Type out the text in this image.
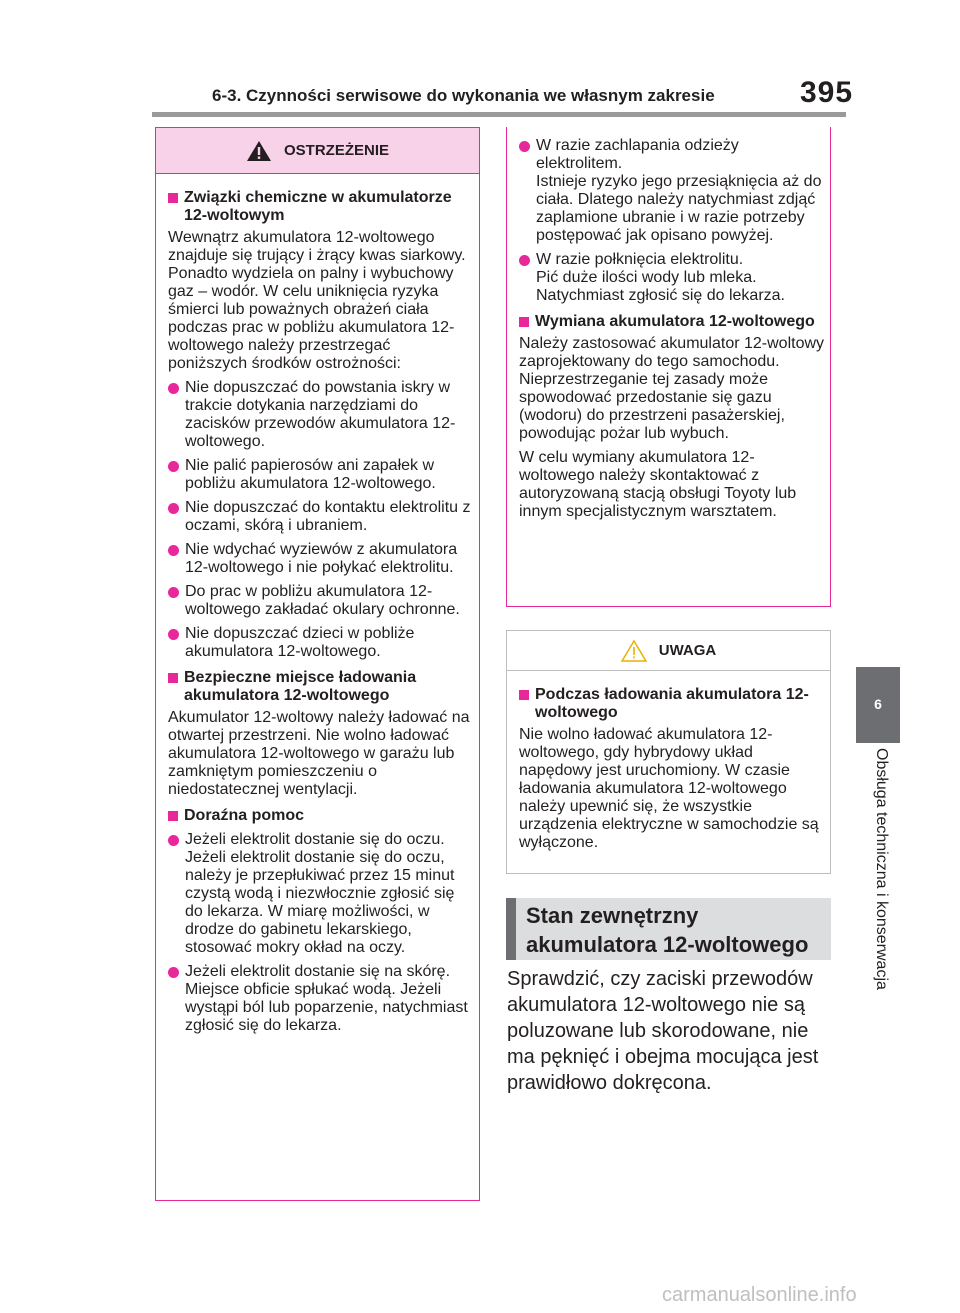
6-3. Czynności serwisowe do wykonania we własnym zakresie	395
6
Obsługa techniczna i konserwacja
OSTRZEŻENIE
Związki chemiczne w akumulatorze 12-woltowym
Wewnątrz akumulatora 12-woltowego znajduje się trujący i żrący kwas siarkowy. Ponadto wydziela on palny i wybuchowy gaz – wodór. W celu uniknięcia ryzyka śmierci lub poważnych obrażeń ciała podczas prac w pobliżu akumulatora 12-woltowego należy przestrzegać poniższych środków ostrożności:
Nie dopuszczać do powstania iskry w trakcie dotykania narzędziami do zacisków przewodów akumulatora 12-woltowego.
Nie palić papierosów ani zapałek w pobliżu akumulatora 12-woltowego.
Nie dopuszczać do kontaktu elektrolitu z oczami, skórą i ubraniem.
Nie wdychać wyziewów z akumulatora 12-woltowego i nie połykać elektrolitu.
Do prac w pobliżu akumulatora 12-woltowego zakładać okulary ochronne.
Nie dopuszczać dzieci w pobliże akumulatora 12-woltowego.
Bezpieczne miejsce ładowania akumulatora 12-woltowego
Akumulator 12-woltowy należy ładować na otwartej przestrzeni. Nie wolno ładować akumulatora 12-woltowego w garażu lub zamkniętym pomieszczeniu o niedostatecznej wentylacji.
Doraźna pomoc
Jeżeli elektrolit dostanie się do oczu.
Jeżeli elektrolit dostanie się do oczu, należy je przepłukiwać przez 15 minut czystą wodą i niezwłocznie zgłosić się do lekarza. W miarę możliwości, w drodze do gabinetu lekarskiego, stosować mokry okład na oczy.
Jeżeli elektrolit dostanie się na skórę.
Miejsce obficie spłukać wodą. Jeżeli wystąpi ból lub poparzenie, natychmiast zgłosić się do lekarza.
W razie zachlapania odzieży elektrolitem.
Istnieje ryzyko jego przesiąknięcia aż do ciała. Dlatego należy natychmiast zdjąć zaplamione ubranie i w razie potrzeby postępować jak opisano powyżej.
W razie połknięcia elektrolitu.
Pić duże ilości wody lub mleka. Natychmiast zgłosić się do lekarza.
Wymiana akumulatora 12-woltowego
Należy zastosować akumulator 12-woltowy zaprojektowany do tego samochodu. Nieprzestrzeganie tej zasady może spowodować przedostanie się gazu (wodoru) do przestrzeni pasażerskiej, powodując pożar lub wybuch.
W celu wymiany akumulatora 12-woltowego należy skontaktować z autoryzowaną stacją obsługi Toyoty lub innym specjalistycznym warsztatem.
UWAGA
Podczas ładowania akumulatora 12-woltowego
Nie wolno ładować akumulatora 12-woltowego, gdy hybrydowy układ napędowy jest uruchomiony. W czasie ładowania akumulatora 12-woltowego należy upewnić się, że wszystkie urządzenia elektryczne w samochodzie są wyłączone.
Stan zewnętrzny akumulatora 12-woltowego
Sprawdzić, czy zaciski przewodów akumulatora 12-woltowego nie są poluzowane lub skorodowane, nie ma pęknięć i obejma mocująca jest prawidłowo dokręcona.
carmanualsonline.info
